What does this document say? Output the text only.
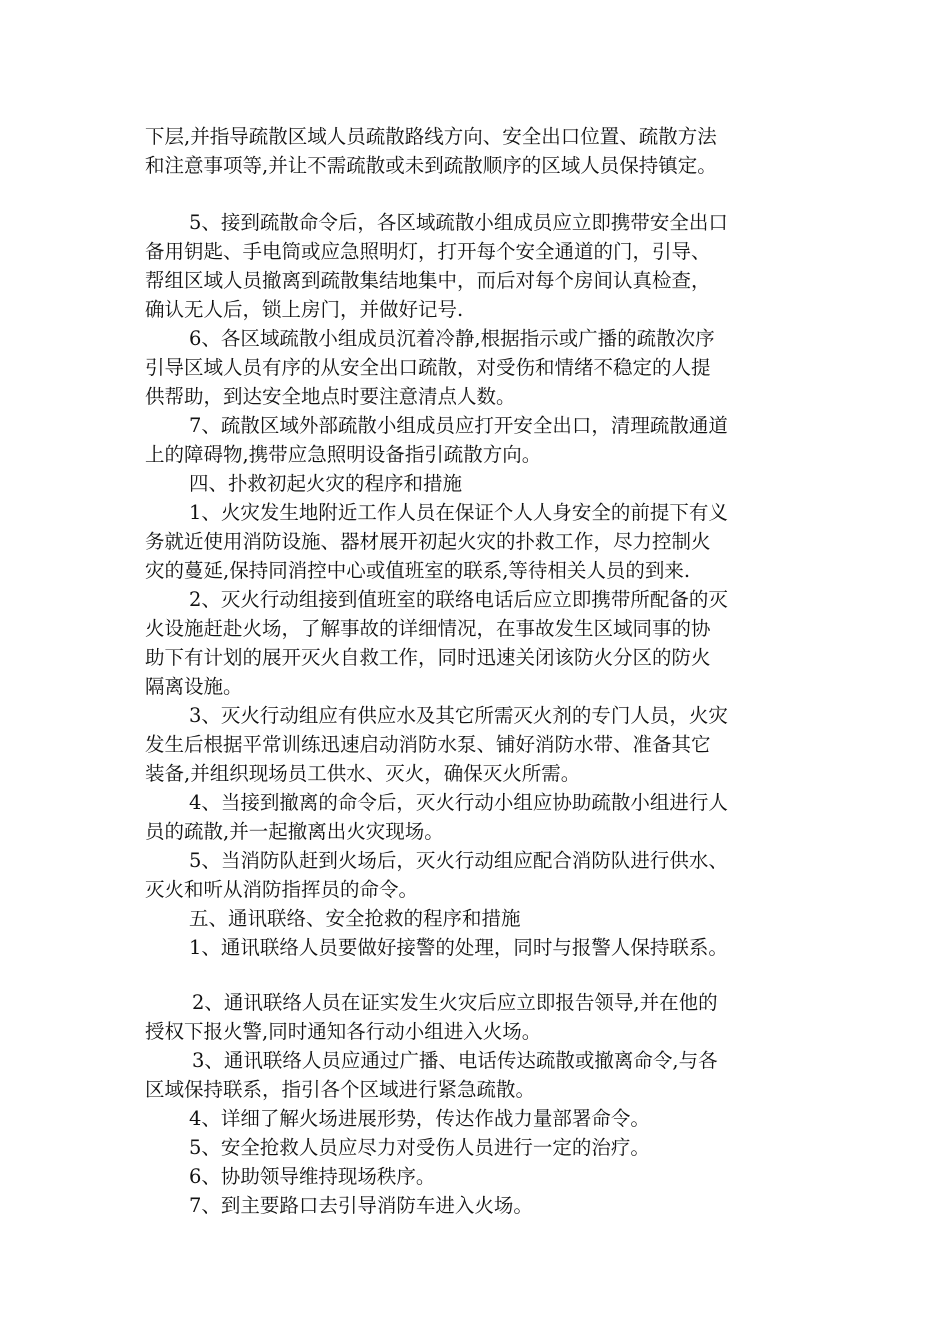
下层,并指导疏散区域人员疏散路线方向、安全出口位置、疏散方法

和注意事项等,并让不需疏散或未到疏散顺序的区域人员保持镇定。

5、接到疏散命令后，各区域疏散小组成员应立即携带安全出口

备用钥匙、手电筒或应急照明灯，打开每个安全通道的门，引导、

帮组区域人员撤离到疏散集结地集中，而后对每个房间认真检查，

确认无人后，锁上房门，并做好记号.

6、各区域疏散小组成员沉着冷静,根据指示或广播的疏散次序

引导区域人员有序的从安全出口疏散，对受伤和情绪不稳定的人提

供帮助，到达安全地点时要注意清点人数。

7、疏散区域外部疏散小组成员应打开安全出口，清理疏散通道

上的障碍物,携带应急照明设备指引疏散方向。

四、扑救初起火灾的程序和措施

1、火灾发生地附近工作人员在保证个人人身安全的前提下有义

务就近使用消防设施、器材展开初起火灾的扑救工作，尽力控制火

灾的蔓延,保持同消控中心或值班室的联系,等待相关人员的到来.

2、灭火行动组接到值班室的联络电话后应立即携带所配备的灭

火设施赶赴火场，了解事故的详细情况，在事故发生区域同事的协

助下有计划的展开灭火自救工作，同时迅速关闭该防火分区的防火

隔离设施。

3、灭火行动组应有供应水及其它所需灭火剂的专门人员，火灾

发生后根据平常训练迅速启动消防水泵、铺好消防水带、准备其它

装备,并组织现场员工供水、灭火，确保灭火所需。

4、当接到撤离的命令后，灭火行动小组应协助疏散小组进行人

员的疏散,并一起撤离出火灾现场。

5、当消防队赶到火场后，灭火行动组应配合消防队进行供水、

灭火和听从消防指挥员的命令。

五、通讯联络、安全抢救的程序和措施

1、通讯联络人员要做好接警的处理，同时与报警人保持联系。

2、通讯联络人员在证实发生火灾后应立即报告领导,并在他的

授权下报火警,同时通知各行动小组进入火场。

3、通讯联络人员应通过广播、电话传达疏散或撤离命令,与各

区域保持联系，指引各个区域进行紧急疏散。

4、详细了解火场进展形势，传达作战力量部署命令。

5、安全抢救人员应尽力对受伤人员进行一定的治疗。

6、协助领导维持现场秩序。

7、到主要路口去引导消防车进入火场。
